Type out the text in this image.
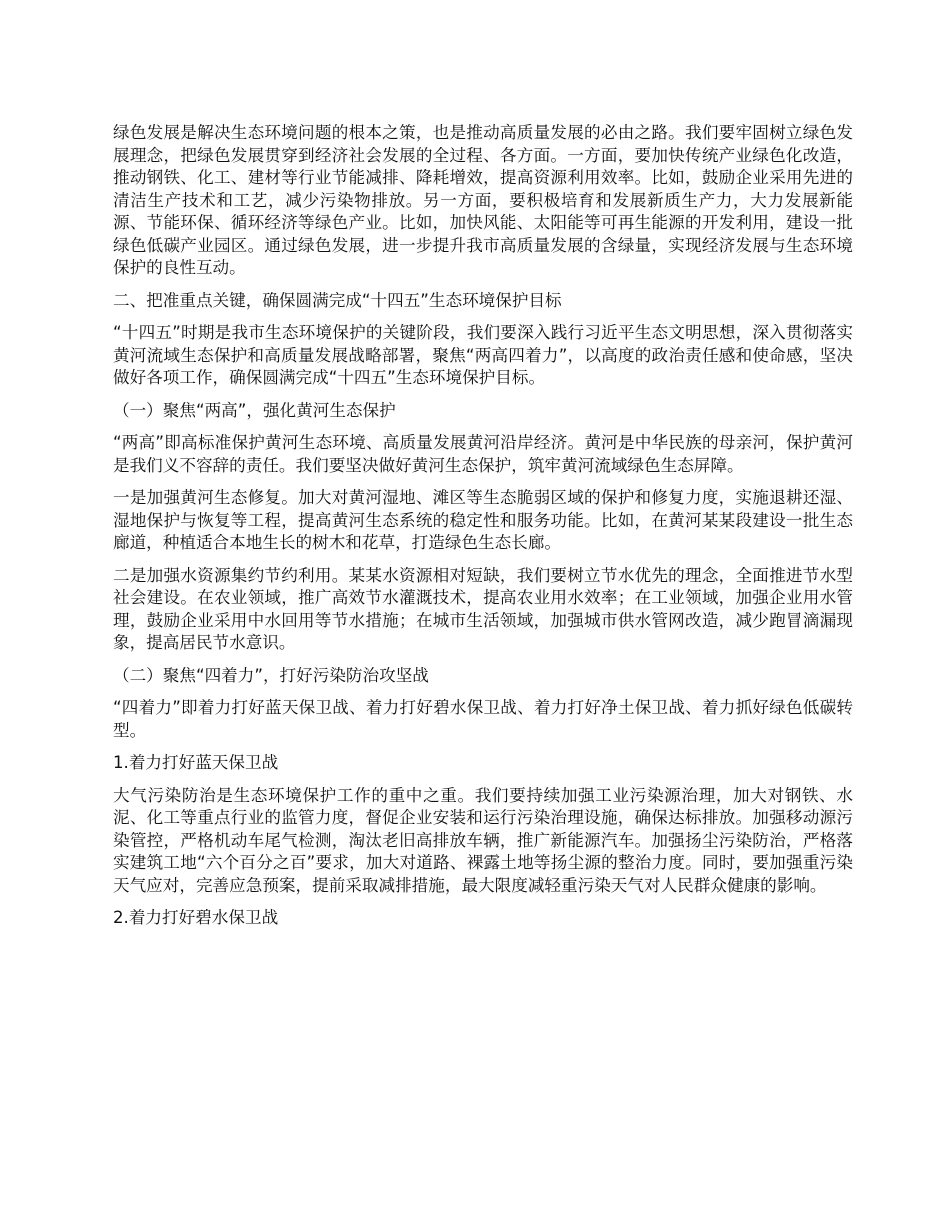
绿色发展是解决生态环境问题的根本之策，也是推动高质量发展的必由之路。我们要牢固树立绿色发展理念，把绿色发展贯穿到经济社会发展的全过程、各方面。一方面，要加快传统产业绿色化改造，推动钢铁、化工、建材等行业节能减排、降耗增效，提高资源利用效率。比如，鼓励企业采用先进的清洁生产技术和工艺，减少污染物排放。另一方面，要积极培育和发展新质生产力，大力发展新能源、节能环保、循环经济等绿色产业。比如，加快风能、太阳能等可再生能源的开发利用，建设一批绿色低碳产业园区。通过绿色发展，进一步提升我市高质量发展的含绿量，实现经济发展与生态环境保护的良性互动。

二、把准重点关键，确保圆满完成“十四五”生态环境保护目标

“十四五”时期是我市生态环境保护的关键阶段，我们要深入践行习近平生态文明思想，深入贯彻落实黄河流域生态保护和高质量发展战略部署，聚焦“两高四着力”，以高度的政治责任感和使命感，坚决做好各项工作，确保圆满完成“十四五”生态环境保护目标。

（一）聚焦“两高”，强化黄河生态保护

“两高”即高标准保护黄河生态环境、高质量发展黄河沿岸经济。黄河是中华民族的母亲河，保护黄河是我们义不容辞的责任。我们要坚决做好黄河生态保护，筑牢黄河流域绿色生态屏障。

一是加强黄河生态修复。加大对黄河湿地、滩区等生态脆弱区域的保护和修复力度，实施退耕还湿、湿地保护与恢复等工程，提高黄河生态系统的稳定性和服务功能。比如，在黄河某某段建设一批生态廊道，种植适合本地生长的树木和花草，打造绿色生态长廊。

二是加强水资源集约节约利用。某某水资源相对短缺，我们要树立节水优先的理念，全面推进节水型社会建设。在农业领域，推广高效节水灌溉技术，提高农业用水效率；在工业领域，加强企业用水管理，鼓励企业采用中水回用等节水措施；在城市生活领域，加强城市供水管网改造，减少跑冒滴漏现象，提高居民节水意识。

（二）聚焦“四着力”，打好污染防治攻坚战

“四着力”即着力打好蓝天保卫战、着力打好碧水保卫战、着力打好净土保卫战、着力抓好绿色低碳转型。

1.着力打好蓝天保卫战

大气污染防治是生态环境保护工作的重中之重。我们要持续加强工业污染源治理，加大对钢铁、水泥、化工等重点行业的监管力度，督促企业安装和运行污染治理设施，确保达标排放。加强移动源污染管控，严格机动车尾气检测，淘汰老旧高排放车辆，推广新能源汽车。加强扬尘污染防治，严格落实建筑工地“六个百分之百”要求，加大对道路、裸露土地等扬尘源的整治力度。同时，要加强重污染天气应对，完善应急预案，提前采取减排措施，最大限度减轻重污染天气对人民群众健康的影响。

2.着力打好碧水保卫战
